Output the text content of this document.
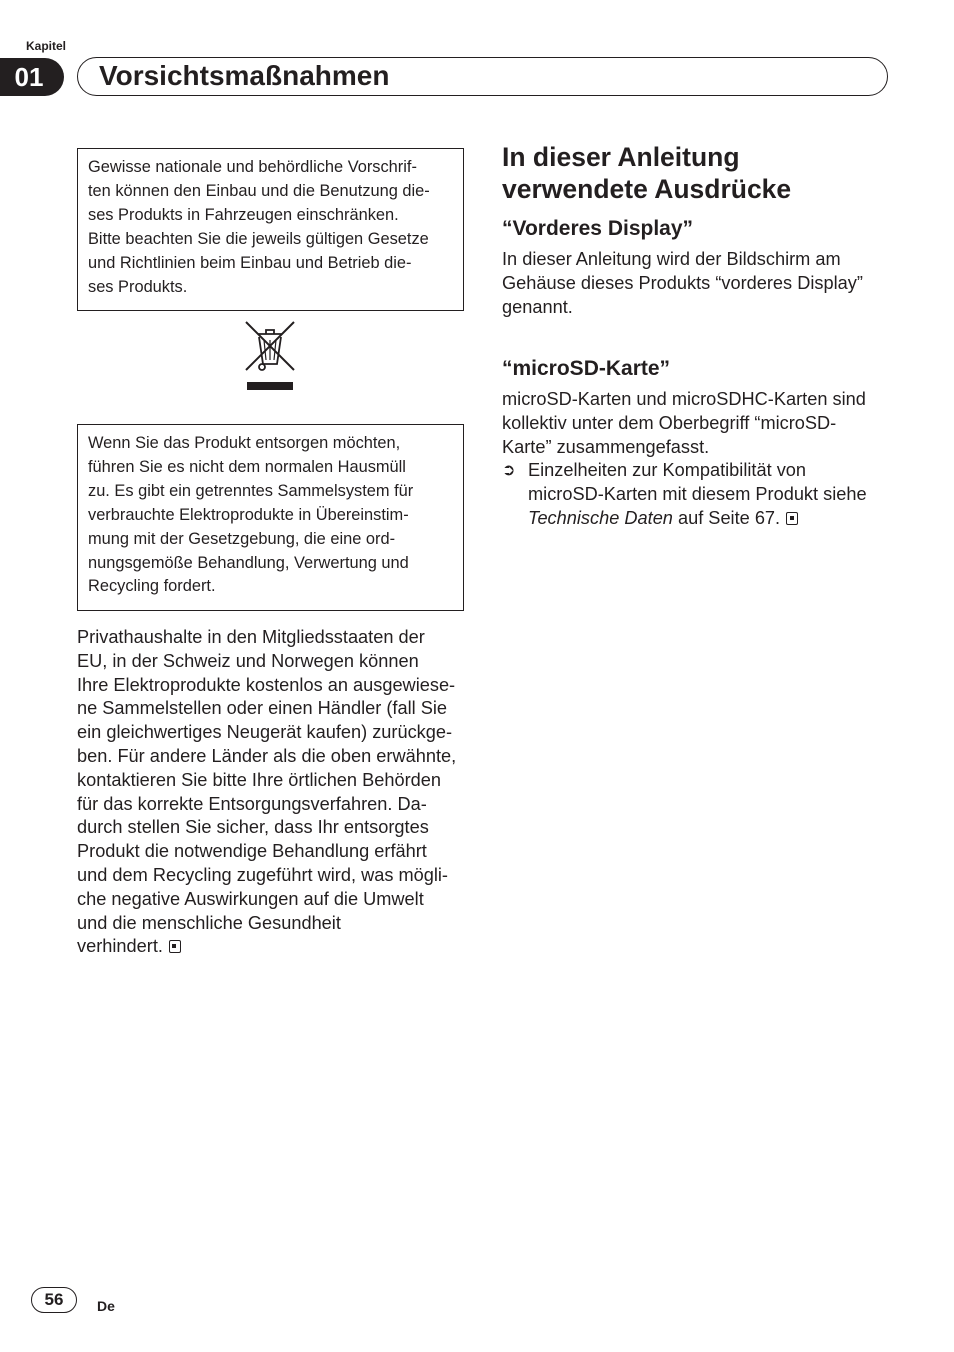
Kapitel
01	Vorsichtsmaßnahmen
Gewisse nationale und behördliche Vorschrif-
ten können den Einbau und die Benutzung die-
ses Produkts in Fahrzeugen einschränken.
Bitte beachten Sie die jeweils gültigen Gesetze
und Richtlinien beim Einbau und Betrieb die-
ses Produkts.
Wenn Sie das Produkt entsorgen möchten,
führen Sie es nicht dem normalen Hausmüll
zu. Es gibt ein getrenntes Sammelsystem für
verbrauchte Elektroprodukte in Übereinstim-
mung mit der Gesetzgebung, die eine ord-
nungsgemöße Behandlung, Verwertung und
Recycling fordert.
Privathaushalte in den Mitgliedsstaaten der
EU, in der Schweiz und Norwegen können
Ihre Elektroprodukte kostenlos an ausgewiese-
ne Sammelstellen oder einen Händler (fall Sie
ein gleichwertiges Neugerät kaufen) zurückge-
ben. Für andere Länder als die oben erwähnte,
kontaktieren Sie bitte Ihre örtlichen Behörden
für das korrekte Entsorgungsverfahren. Da-
durch stellen Sie sicher, dass Ihr entsorgtes
Produkt die notwendige Behandlung erfährt
und dem Recycling zugeführt wird, was mögli-
che negative Auswirkungen auf die Umwelt
und die menschliche Gesundheit
verhindert.
In dieser Anleitung
verwendete Ausdrücke
“Vorderes Display”
In dieser Anleitung wird der Bildschirm am
Gehäuse dieses Produkts “vorderes Display”
genannt.
“microSD-Karte”
microSD-Karten und microSDHC-Karten sind
kollektiv unter dem Oberbegriff “microSD-
Karte” zusammengefasst.
➲ Einzelheiten zur Kompatibilität von
microSD-Karten mit diesem Produkt siehe
Technische Daten auf Seite 67.
56	De
